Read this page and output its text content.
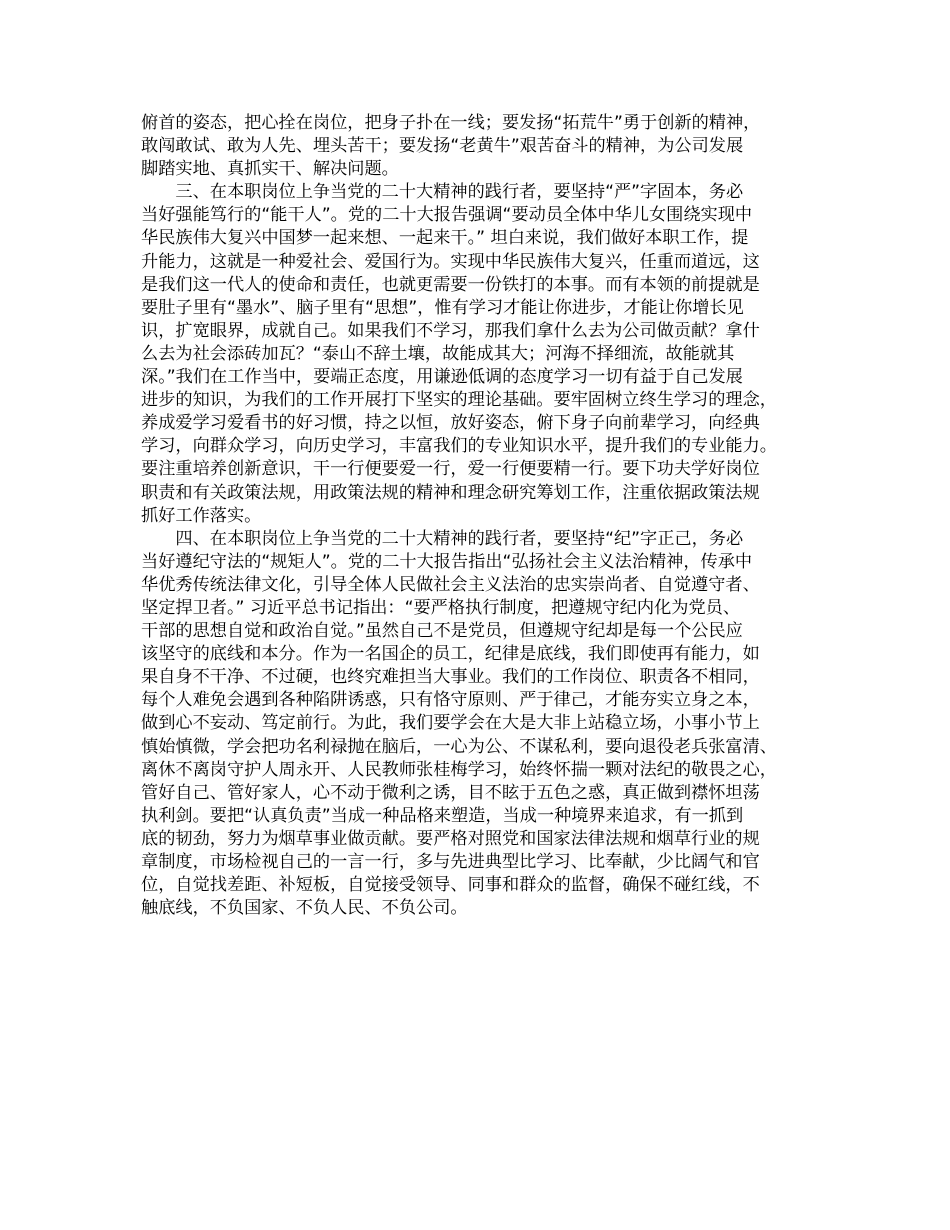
俯首的姿态，把心拴在岗位，把身子扑在一线；要发扬“拓荒牛”勇于创新的精神，
敢闯敢试、敢为人先、埋头苦干；要发扬“老黄牛”艰苦奋斗的精神，为公司发展
脚踏实地、真抓实干、解决问题。
　　三、在本职岗位上争当党的二十大精神的践行者，要坚持“严”字固本，务必
当好强能笃行的“能干人”。党的二十大报告强调“要动员全体中华儿女围绕实现中
华民族伟大复兴中国梦一起来想、一起来干。” 坦白来说，我们做好本职工作，提
升能力，这就是一种爱社会、爱国行为。实现中华民族伟大复兴，任重而道远，这
是我们这一代人的使命和责任，也就更需要一份铁打的本事。而有本领的前提就是
要肚子里有“墨水”、脑子里有“思想”，惟有学习才能让你进步，才能让你增长见
识，扩宽眼界，成就自己。如果我们不学习，那我们拿什么去为公司做贡献？拿什
么去为社会添砖加瓦？“泰山不辞土壤，故能成其大；河海不择细流，故能就其
深。”我们在工作当中，要端正态度，用谦逊低调的态度学习一切有益于自己发展
进步的知识，为我们的工作开展打下坚实的理论基础。要牢固树立终生学习的理念，
养成爱学习爱看书的好习惯，持之以恒，放好姿态，俯下身子向前辈学习，向经典
学习，向群众学习，向历史学习，丰富我们的专业知识水平，提升我们的专业能力。
要注重培养创新意识，干一行便要爱一行，爱一行便要精一行。要下功夫学好岗位
职责和有关政策法规，用政策法规的精神和理念研究筹划工作，注重依据政策法规
抓好工作落实。
　　四、在本职岗位上争当党的二十大精神的践行者，要坚持“纪”字正己，务必
当好遵纪守法的“规矩人”。党的二十大报告指出“弘扬社会主义法治精神，传承中
华优秀传统法律文化，引导全体人民做社会主义法治的忠实崇尚者、自觉遵守者、
坚定捍卫者。” 习近平总书记指出：“要严格执行制度，把遵规守纪内化为党员、
干部的思想自觉和政治自觉。”虽然自己不是党员，但遵规守纪却是每一个公民应
该坚守的底线和本分。作为一名国企的员工，纪律是底线，我们即使再有能力，如
果自身不干净、不过硬，也终究难担当大事业。我们的工作岗位、职责各不相同，
每个人难免会遇到各种陷阱诱惑，只有恪守原则、严于律己，才能夯实立身之本，
做到心不妄动、笃定前行。为此，我们要学会在大是大非上站稳立场，小事小节上
慎始慎微，学会把功名利禄抛在脑后，一心为公、不谋私利，要向退役老兵张富清、
离休不离岗守护人周永开、人民教师张桂梅学习，始终怀揣一颗对法纪的敬畏之心，
管好自己、管好家人，心不动于微利之诱，目不眩于五色之惑，真正做到襟怀坦荡
执利剑。要把“认真负责”当成一种品格来塑造，当成一种境界来追求，有一抓到
底的韧劲，努力为烟草事业做贡献。要严格对照党和国家法律法规和烟草行业的规
章制度，市场检视自己的一言一行，多与先进典型比学习、比奉献，少比阔气和官
位，自觉找差距、补短板，自觉接受领导、同事和群众的监督，确保不碰红线，不
触底线，不负国家、不负人民、不负公司。
